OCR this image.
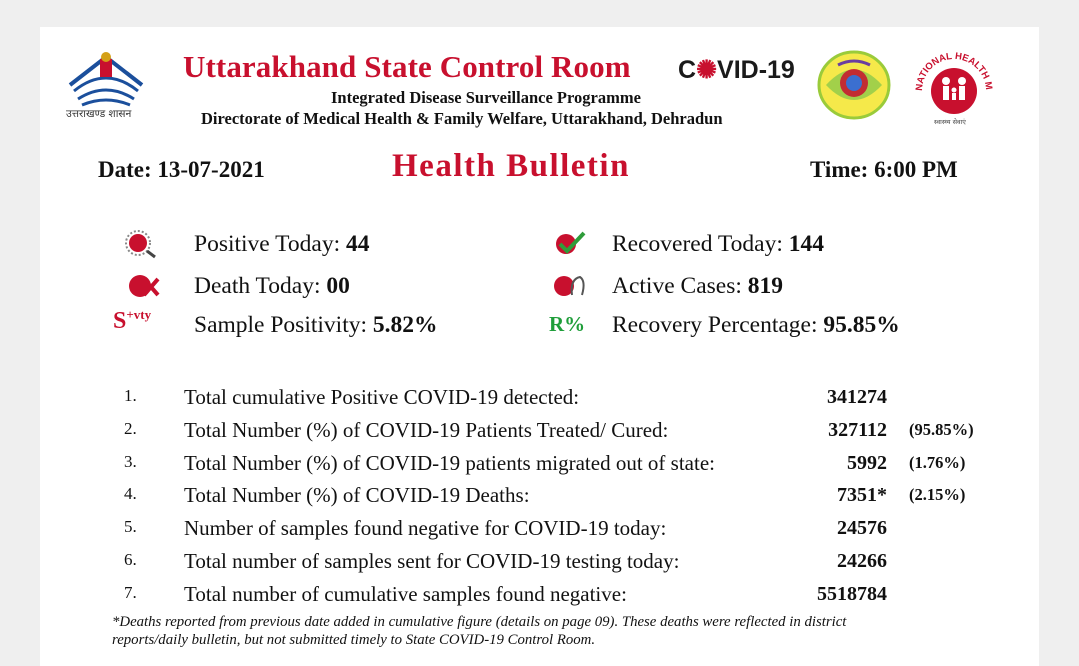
उत्तराखण्ड शासन
Uttarakhand State Control Room C✺VID-19
Integrated Disease Surveillance Programme
Directorate of Medical Health & Family Welfare, Uttarakhand, Dehradun
NATIONAL HEALTH M
स्वास्थ्य सेवाएं
Date: 13-07-2021	Health Bulletin	Time: 6:00 PM
Positive Today: 44	Recovered Today: 144
Death Today: 00	Active Cases: 819
$S^{+vty}$ Sample Positivity: 5.82%	R% Recovery Percentage: 95.85%
1. Total cumulative Positive COVID-19 detected:	341274
2. Total Number (%) of COVID-19 Patients Treated/ Cured:	327112 (95.85%)
3. Total Number (%) of COVID-19 patients migrated out of state:	5992 (1.76%)
4. Total Number (%) of COVID-19 Deaths:	7351* (2.15%)
5. Number of samples found negative for COVID-19 today:	24576
6. Total number of samples sent for COVID-19 testing today:	24266
7. Total number of cumulative samples found negative:	5518784
*Deaths reported from previous date added in cumulative figure (details on page 09). These deaths were reflected in district
reports/daily bulletin, but not submitted timely to State COVID-19 Control Room.
